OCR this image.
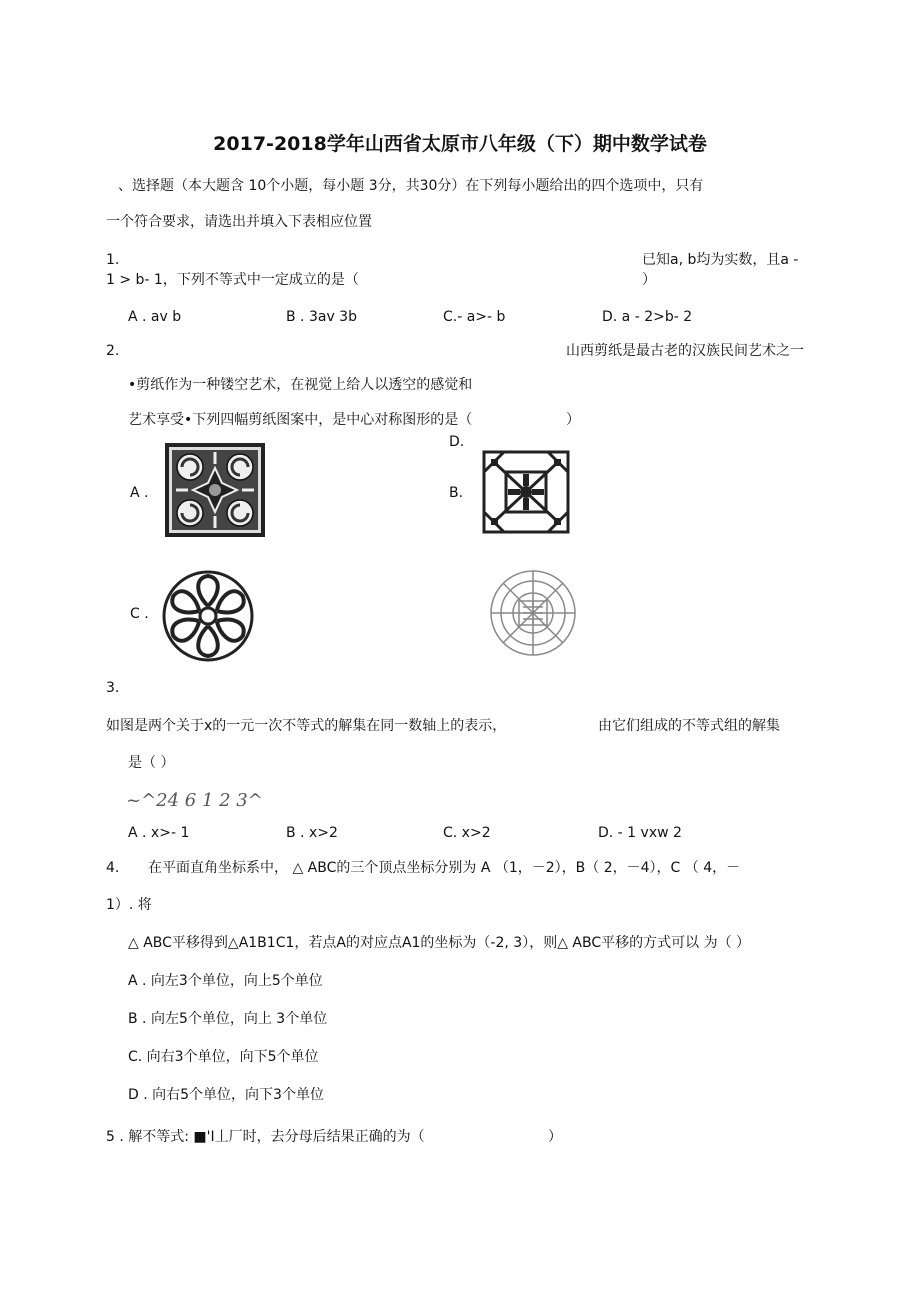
2017-2018学年山西省太原市八年级（下）期中数学试卷
、选择题（本大题含 10个小题，每小题 3分，共30分）在下列每小题给出的四个选项中，只有
一个符合要求，请选出并填入下表相应位置
1.	已知a, b均为实数，且a -
1 > b- 1，下列不等式中一定成立的是（	）
A . av b	B . 3av 3b	C.- a>- b	D. a - 2>b- 2
2.	山西剪纸是最古老的汉族民间艺术之一
•剪纸作为一种镂空艺术，在视觉上给人以透空的感觉和
艺术享受•下列四幅剪纸图案中，是中心对称图形的是（	）
D.
A .	B.
C .
3.
如图是两个关于x的一元一次不等式的解集在同一数轴上的表示，	由它们组成的不等式组的解集
是（ ）
~^24 6 1 2 3^
A . x>- 1	B . x>2	C. x>2	D. - 1 vxw 2
4. 在平面直角坐标系中， △ ABC的三个顶点坐标分别为 A （1，－2），B（ 2，－4），C （ 4，－
1）. 将
△ ABC平移得到△A1B1C1，若点A的对应点A1的坐标为（-2, 3），则△ ABC平移的方式可以 为（ ）
A . 向左3个单位，向上5个单位
B . 向左5个单位，向上 3个单位
C. 向右3个单位，向下5个单位
D . 向右5个单位，向下3个单位
5 . 解不等式: ■'I丄厂时，去分母后结果正确的为（	）
